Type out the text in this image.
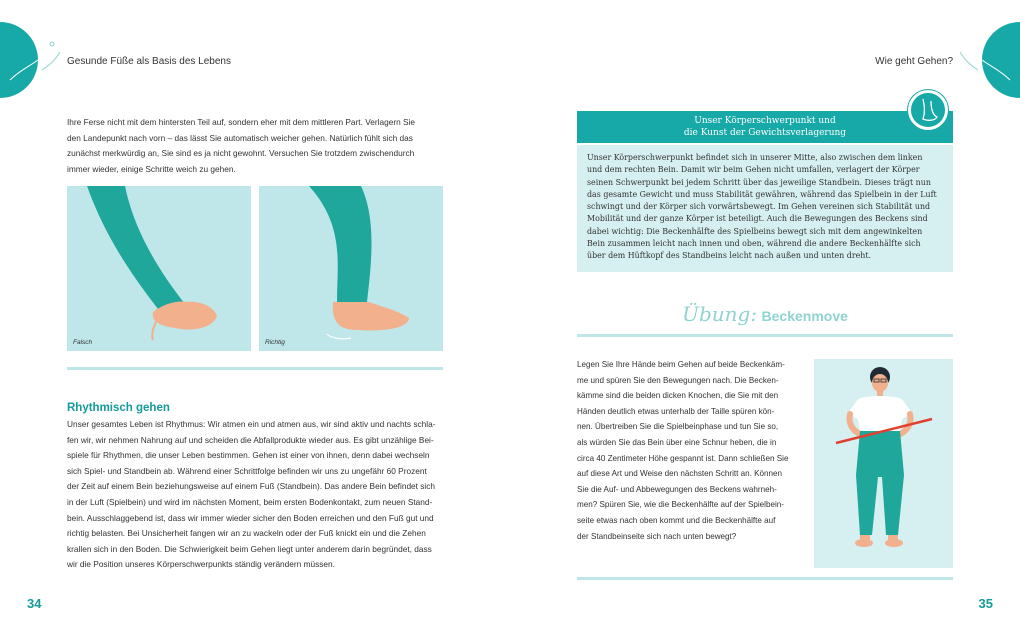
Gesunde Füße als Basis des Lebens
Ihre Ferse nicht mit dem hintersten Teil auf, sondern eher mit dem mittleren Part. Verlagern Sie
den Landepunkt nach vorn – das lässt Sie automatisch weicher gehen. Natürlich fühlt sich das
zunächst merkwürdig an, Sie sind es ja nicht gewohnt. Versuchen Sie trotzdem zwischendurch
immer wieder, einige Schritte weich zu gehen.
Falsch	Richtig
Rhythmisch gehen
Unser gesamtes Leben ist Rhythmus: Wir atmen ein und atmen aus, wir sind aktiv und nachts schla-
fen wir, wir nehmen Nahrung auf und scheiden die Abfallprodukte wieder aus. Es gibt unzählige Bei-
spiele für Rhythmen, die unser Leben bestimmen. Gehen ist einer von ihnen, denn dabei wechseln
sich Spiel- und Standbein ab. Während einer Schrittfolge befinden wir uns zu ungefähr 60 Prozent
der Zeit auf einem Bein beziehungsweise auf einem Fuß (Standbein). Das andere Bein befindet sich
in der Luft (Spielbein) und wird im nächsten Moment, beim ersten Bodenkontakt, zum neuen Stand-
bein. Ausschlaggebend ist, dass wir immer wieder sicher den Boden erreichen und den Fuß gut und
richtig belasten. Bei Unsicherheit fangen wir an zu wackeln oder der Fuß knickt ein und die Zehen
krallen sich in den Boden. Die Schwierigkeit beim Gehen liegt unter anderem darin begründet, dass
wir die Position unseres Körperschwerpunkts ständig verändern müssen.
34
Wie geht Gehen?
Unser Körperschwerpunkt und
die Kunst der Gewichtsverlagerung
Unser Körperschwerpunkt befindet sich in unserer Mitte, also zwischen dem linken
und dem rechten Bein. Damit wir beim Gehen nicht umfallen, verlagert der Körper
seinen Schwerpunkt bei jedem Schritt über das jeweilige Standbein. Dieses trägt nun
das gesamte Gewicht und muss Stabilität gewähren, während das Spielbein in der Luft
schwingt und der Körper sich vorwärtsbewegt. Im Gehen vereinen sich Stabilität und
Mobilität und der ganze Körper ist beteiligt. Auch die Bewegungen des Beckens sind
dabei wichtig: Die Beckenhälfte des Spielbeins bewegt sich mit dem angewinkelten
Bein zusammen leicht nach innen und oben, während die andere Beckenhälfte sich
über dem Hüftkopf des Standbeins leicht nach außen und unten dreht.
Übung: Beckenmove
Legen Sie Ihre Hände beim Gehen auf beide Beckenkäm-
me und spüren Sie den Bewegungen nach. Die Becken-
kämme sind die beiden dicken Knochen, die Sie mit den
Händen deutlich etwas unterhalb der Taille spüren kön-
nen. Übertreiben Sie die Spielbeinphase und tun Sie so,
als würden Sie das Bein über eine Schnur heben, die in
circa 40 Zentimeter Höhe gespannt ist. Dann schließen Sie
auf diese Art und Weise den nächsten Schritt an. Können
Sie die Auf- und Abbewegungen des Beckens wahrneh-
men? Spüren Sie, wie die Beckenhälfte auf der Spielbein-
seite etwas nach oben kommt und die Beckenhälfte auf
der Standbeinseite sich nach unten bewegt?
35
